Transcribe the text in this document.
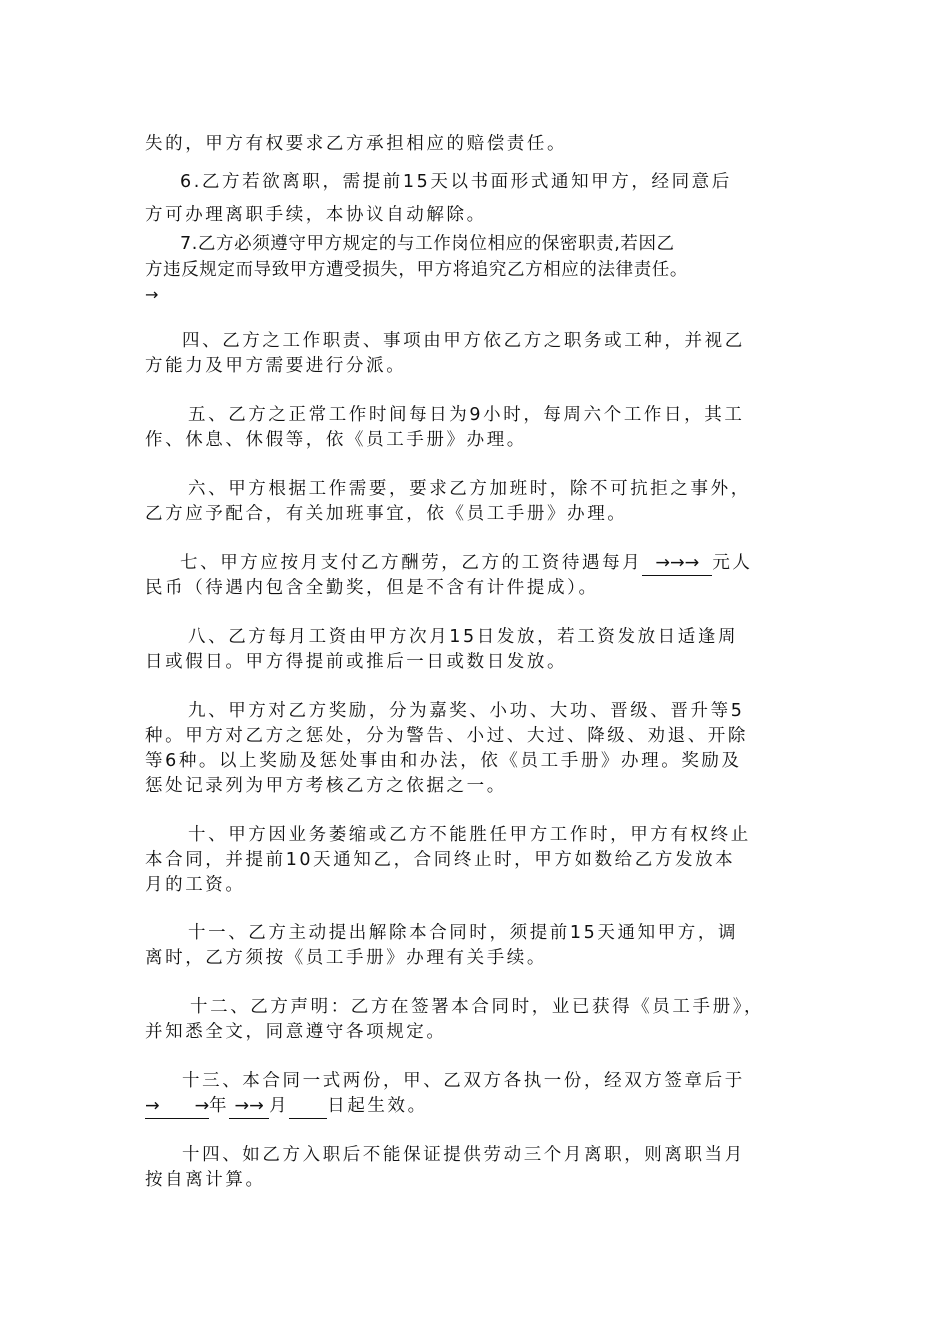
失的，甲方有权要求乙方承担相应的赔偿责任。
6.乙方若欲离职，需提前15天以书面形式通知甲方，经同意后
方可办理离职手续，本协议自动解除。
7.乙方必须遵守甲方规定的与工作岗位相应的保密职责,若因乙
方违反规定而导致甲方遭受损失，甲方将追究乙方相应的法律责任。
→
四、乙方之工作职责、事项由甲方依乙方之职务或工种，并视乙
方能力及甲方需要进行分派。
五、乙方之正常工作时间每日为9小时，每周六个工作日，其工
作、休息、休假等，依《员工手册》办理。
六、甲方根据工作需要，要求乙方加班时，除不可抗拒之事外，
乙方应予配合，有关加班事宜，依《员工手册》办理。
七、甲方应按月支付乙方酬劳，乙方的工资待遇每月 →→→ 元人
民币（待遇内包含全勤奖，但是不含有计件提成）。
八、乙方每月工资由甲方次月15日发放，若工资发放日适逢周
日或假日。甲方得提前或推后一日或数日发放。
九、甲方对乙方奖励，分为嘉奖、小功、大功、晋级、晋升等5
种。甲方对乙方之惩处，分为警告、小过、大过、降级、劝退、开除
等6种。以上奖励及惩处事由和办法，依《员工手册》办理。奖励及
惩处记录列为甲方考核乙方之依据之一。
十、甲方因业务萎缩或乙方不能胜任甲方工作时，甲方有权终止
本合同，并提前10天通知乙，合同终止时，甲方如数给乙方发放本
月的工资。
十一、乙方主动提出解除本合同时，须提前15天通知甲方，调
离时，乙方须按《员工手册》办理有关手续。
十二、乙方声明：乙方在签署本合同时，业已获得《员工手册》，
并知悉全文，同意遵守各项规定。
十三、本合同一式两份，甲、乙双方各执一份，经双方签章后于
→　　→年 →→ 月　　 日起生效。
十四、如乙方入职后不能保证提供劳动三个月离职，则离职当月
按自离计算。
